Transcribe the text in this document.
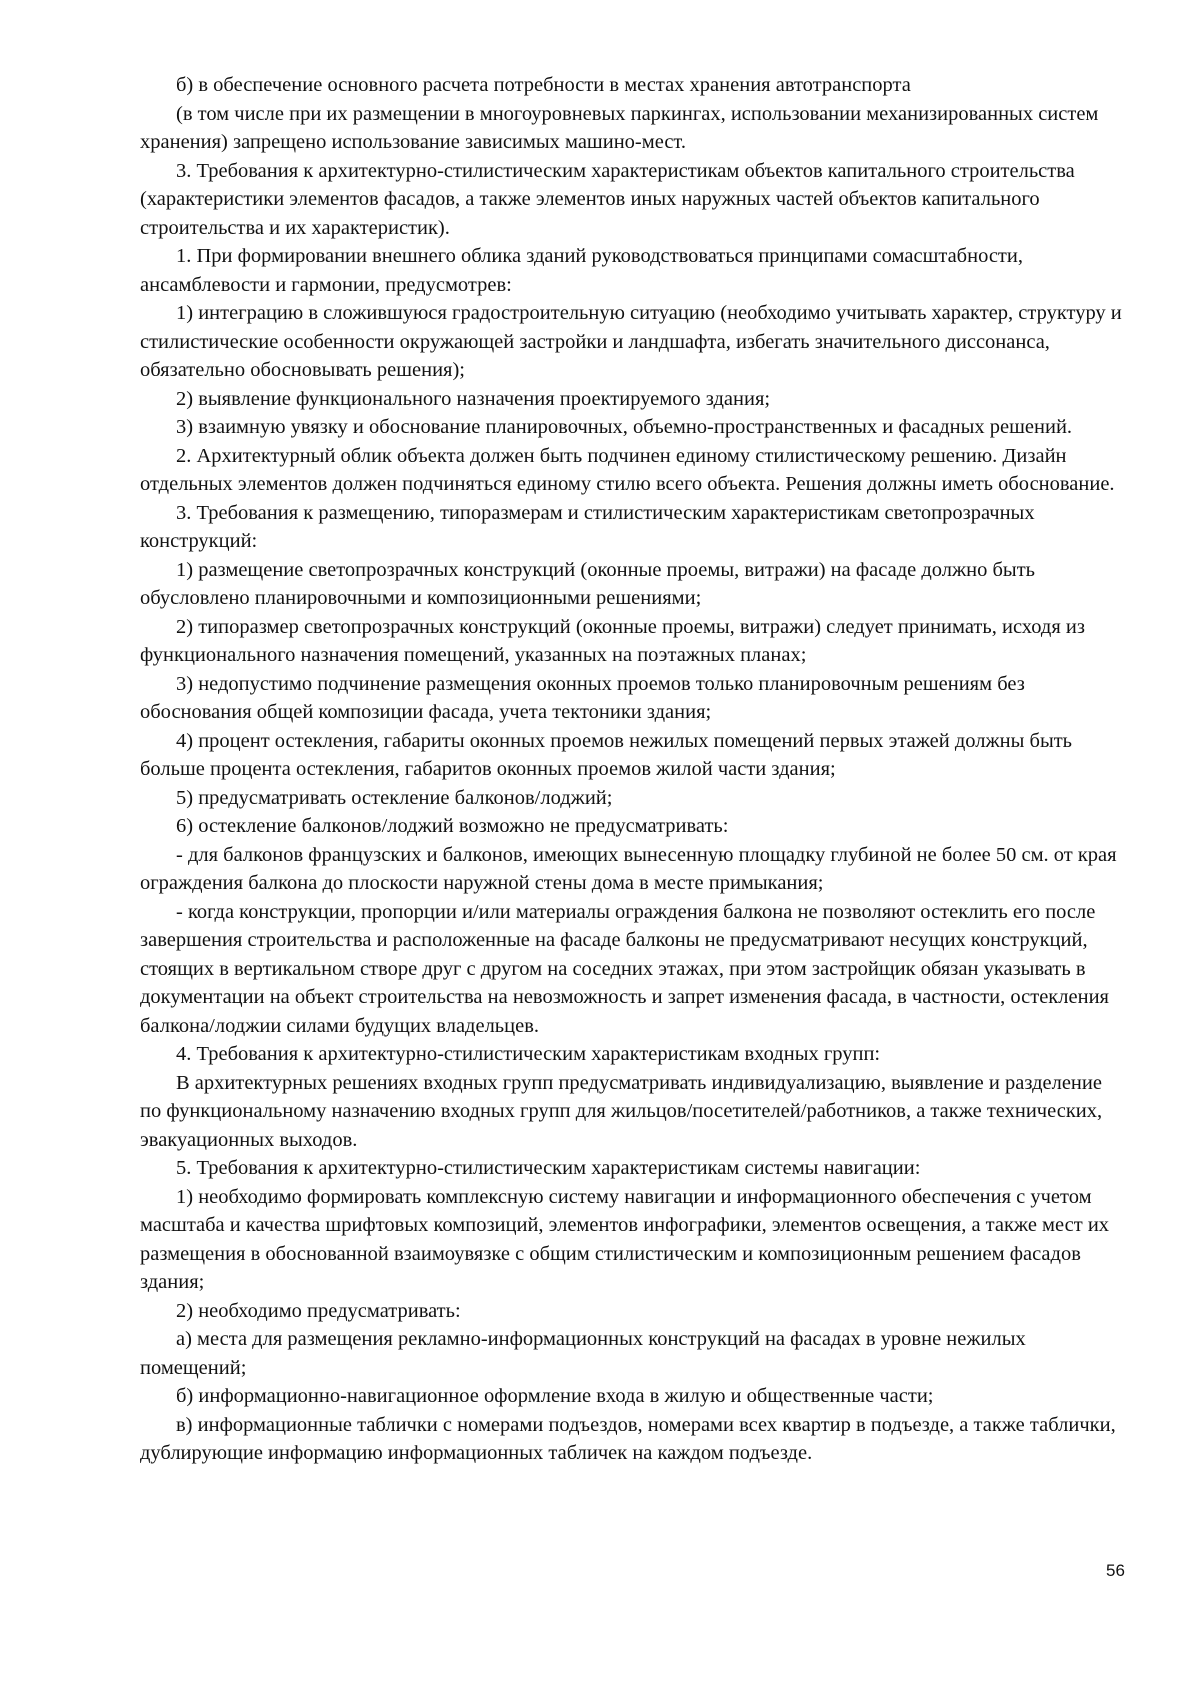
б) в обеспечение основного расчета потребности в местах хранения автотранспорта

(в том числе при их размещении в многоуровневых паркингах, использовании механизированных систем хранения) запрещено использование зависимых машино-мест.

3. Требования к архитектурно-стилистическим характеристикам объектов капитального строительства (характеристики элементов фасадов, а также элементов иных наружных частей объектов капитального строительства и их характеристик).

1. При формировании внешнего облика зданий руководствоваться принципами сомасштабности, ансамблевости и гармонии, предусмотрев:

1) интеграцию в сложившуюся градостроительную ситуацию (необходимо учитывать характер, структуру и стилистические особенности окружающей застройки и ландшафта, избегать значительного диссонанса, обязательно обосновывать решения);

2) выявление функционального назначения проектируемого здания;

3) взаимную увязку и обоснование планировочных, объемно-пространственных и фасадных решений.

2. Архитектурный облик объекта должен быть подчинен единому стилистическому решению. Дизайн отдельных элементов должен подчиняться единому стилю всего объекта. Решения должны иметь обоснование.

3. Требования к размещению, типоразмерам и стилистическим характеристикам светопрозрачных конструкций:

1) размещение светопрозрачных конструкций (оконные проемы, витражи) на фасаде должно быть обусловлено планировочными и композиционными решениями;

2) типоразмер светопрозрачных конструкций (оконные проемы, витражи) следует принимать, исходя из функционального назначения помещений, указанных на поэтажных планах;

3) недопустимо подчинение размещения оконных проемов только планировочным решениям без обоснования общей композиции фасада, учета тектоники здания;

4) процент остекления, габариты оконных проемов нежилых помещений первых этажей должны быть больше процента остекления, габаритов оконных проемов жилой части здания;

5) предусматривать остекление балконов/лоджий;

6) остекление балконов/лоджий возможно не предусматривать:

- для балконов французских и балконов, имеющих вынесенную площадку глубиной не более 50 см. от края ограждения балкона до плоскости наружной стены дома в месте примыкания;

- когда конструкции, пропорции и/или материалы ограждения балкона не позволяют остеклить его после завершения строительства и расположенные на фасаде балконы не предусматривают несущих конструкций, стоящих в вертикальном створе друг с другом на соседних этажах, при этом застройщик обязан указывать в документации на объект строительства на невозможность и запрет изменения фасада, в частности, остекления балкона/лоджии силами будущих владельцев.

4. Требования к архитектурно-стилистическим характеристикам входных групп:

В архитектурных решениях входных групп предусматривать индивидуализацию, выявление и разделение по функциональному назначению входных групп для жильцов/посетителей/работников, а также технических, эвакуационных выходов.

5. Требования к архитектурно-стилистическим характеристикам системы навигации:

1) необходимо формировать комплексную систему навигации и информационного обеспечения с учетом масштаба и качества шрифтовых композиций, элементов инфографики, элементов освещения, а также мест их размещения в обоснованной взаимоувязке с общим стилистическим и композиционным решением фасадов здания;

2) необходимо предусматривать:

а) места для размещения рекламно-информационных конструкций на фасадах в уровне нежилых помещений;

б) информационно-навигационное оформление входа в жилую и общественные части;

в) информационные таблички с номерами подъездов, номерами всех квартир в подъезде, а также таблички, дублирующие информацию информационных табличек на каждом подъезде.

56
